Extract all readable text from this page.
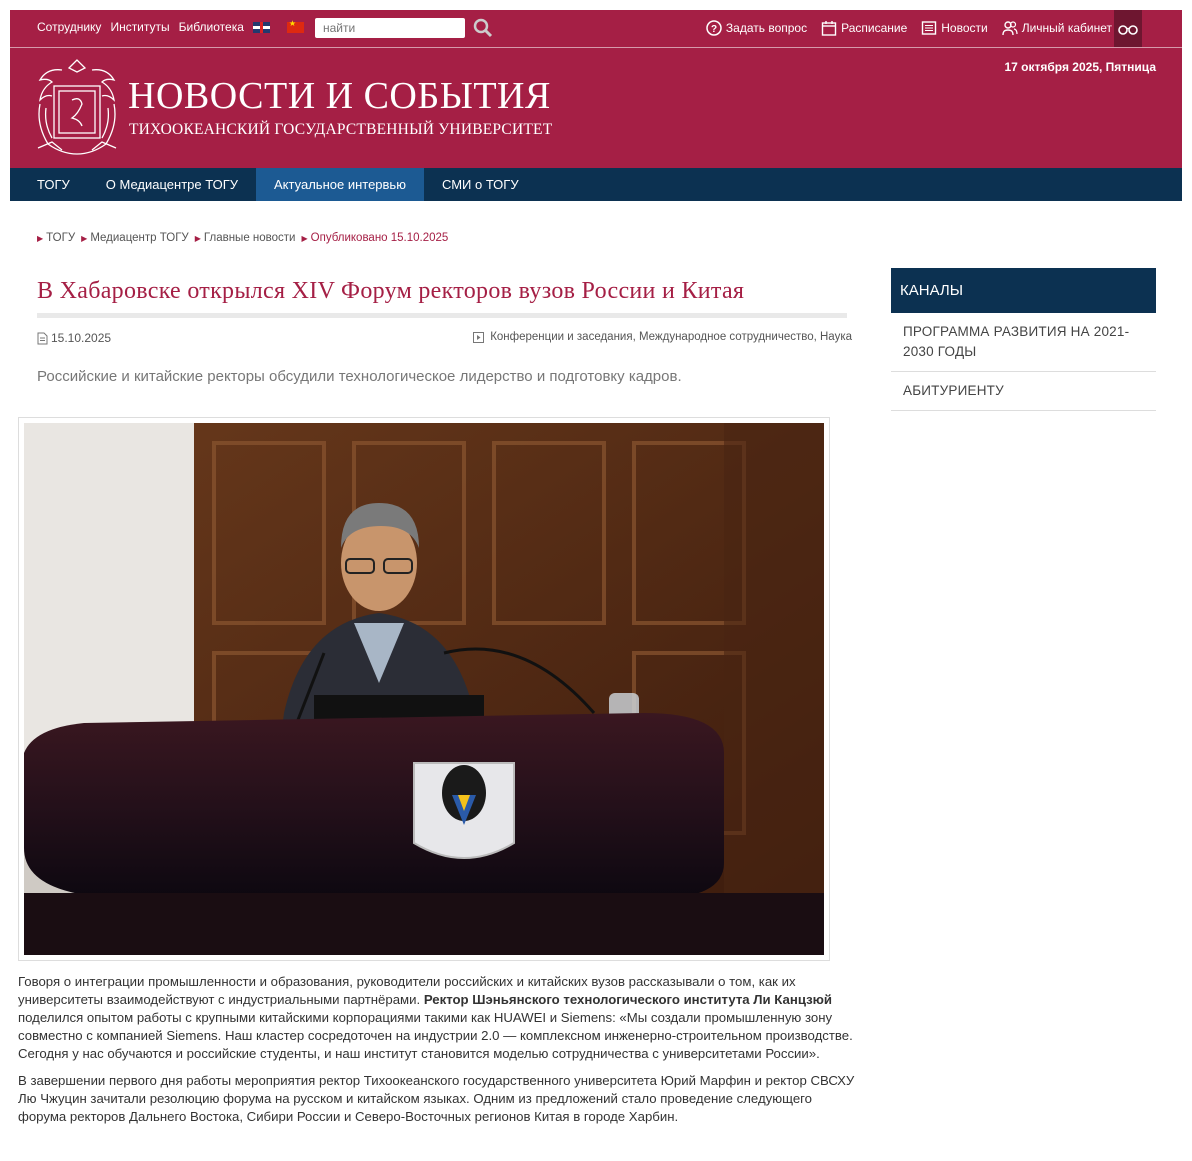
Сотруднику Институты Библиотека
★
найти	? Задать вопрос	Расписание	Новости	Личный кабинет
17 октября 2025, Пятница
НОВОСТИ И СОБЫТИЯ
ТИХООКЕАНСКИЙ ГОСУДАРСТВЕННЫЙ УНИВЕРСИТЕТ
ТОГУ	О Медиацентре ТОГУ	Актуальное интервью	СМИ о ТОГУ
▶ ТОГУ ▶ Медиацентр ТОГУ ▶ Главные новости ▶ Опубликовано 15.10.2025
В Хабаровске открылся XIV Форум ректоров вузов России и Китая
15.10.2025	Конференции и заседания, Международное сотрудничество, Наука
Российские и китайские ректоры обсудили технологическое лидерство и подготовку кадров.

Говоря о интеграции промышленности и образования, руководители российских и китайских вузов рассказывали о том, как их университеты взаимодействуют с индустриальными партнёрами. Ректор Шэньянского технологического института Ли Канцзюй поделился опытом работы с крупными китайскими корпорациями такими как HUAWEI и Siemens: «Мы создали промышленную зону совместно с компанией Siemens. Наш кластер сосредоточен на индустрии 2.0 — комплексном инженерно-строительном производстве. Сегодня у нас обучаются и российские студенты, и наш институт становится моделью сотрудничества с университетами России».

В завершении первого дня работы мероприятия ректор Тихоокеанского государственного университета Юрий Марфин и ректор СВСХУ Лю Чжуцин зачитали резолюцию форума на русском и китайском языках. Одним из предложений стало проведение следующего форума ректоров Дальнего Востока, Сибири России и Северо-Восточных регионов Китая в городе Харбин.

КАНАЛЫ
ПРОГРАММА РАЗВИТИЯ НА 2021-2030 ГОДЫ
АБИТУРИЕНТУ
